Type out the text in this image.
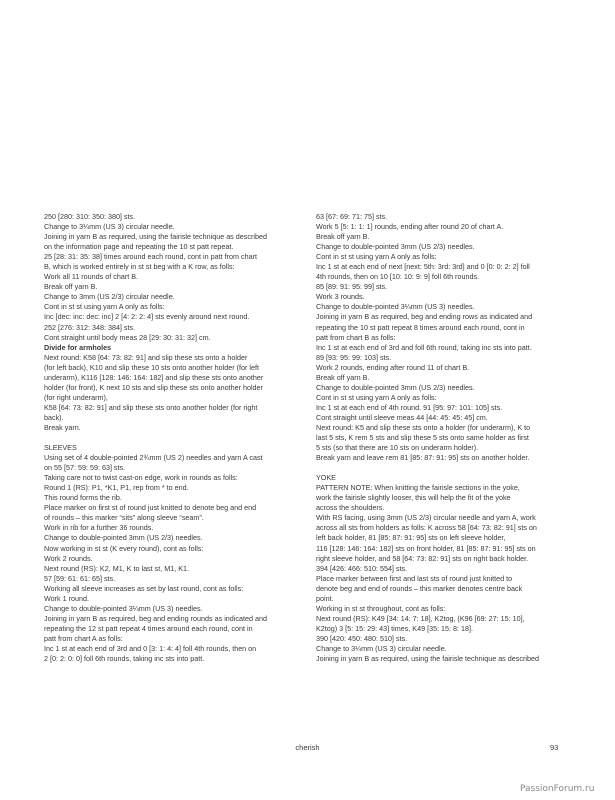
250 [280: 310: 350: 380] sts.
Change to 3¼mm (US 3) circular needle.
Joining in yarn B as required, using the fairisle technique as described
on the information page and repeating the 10 st patt repeat.
25 [28: 31: 35: 38] times around each round, cont in patt from chart
B, which is worked entirely in st st beg with a K row, as folls:
Work all 11 rounds of chart B.
Break off yarn B.
Change to 3mm (US 2/3) circular needle.
Cont in st st using yarn A only as folls:
Inc [dec: inc: dec: inc] 2 [4: 2: 2: 4] sts evenly around next round.
252 [276: 312: 348: 384] sts.
Cont straight until body meas 28 [29: 30: 31: 32] cm.
Divide for armholes
Next round: K58 [64: 73: 82: 91] and slip these sts onto a holder
(for left back), K10 and slip these 10 sts onto another holder (for left
underarm), K116 [128: 146: 164: 182] and slip these sts onto another
holder (for front), K next 10 sts and slip these sts onto another holder
(for right underarm),
K58 [64: 73: 82: 91] and slip these sts onto another holder (for right
back).
Break yarn.
SLEEVES
Using set of 4 double-pointed 2¾mm (US 2) needles and yarn A cast
on 55 [57: 59: 59: 63] sts.
Taking care not to twist cast-on edge, work in rounds as folls:
Round 1 (RS): P1, *K1, P1, rep from * to end.
This round forms the rib.
Place marker on first st of round just knitted to denote beg and end
of rounds – this marker “sits” along sleeve “seam”.
Work in rib for a further 36 rounds.
Change to double-pointed 3mm (US 2/3) needles.
Now working in st st (K every round), cont as folls:
Work 2 rounds.
Next round (RS): K2, M1, K to last st, M1, K1.
57 [59: 61: 61: 65] sts.
Working all sleeve increases as set by last round, cont as folls:
Work 1 round.
Change to double-pointed 3¼mm (US 3) needles.
Joining in yarn B as required, beg and ending rounds as indicated and
repeating the 12 st patt repeat 4 times around each round, cont in
patt from chart A as folls:
Inc 1 st at each end of 3rd and 0 [3: 1: 4: 4] foll 4th rounds, then on
2 [0: 2: 0: 0] foll 6th rounds, taking inc sts into patt.
63 [67: 69: 71: 75] sts.
Work 5 [5: 1: 1: 1] rounds, ending after round 20 of chart A.
Break off yarn B.
Change to double-pointed 3mm (US 2/3) needles.
Cont in st st using yarn A only as folls:
Inc 1 st at each end of next [next: 5th: 3rd: 3rd] and 0 [0: 0: 2: 2] foll
4th rounds, then on 10 [10: 10: 9: 9] foll 6th rounds.
85 [89: 91: 95: 99] sts.
Work 3 rounds.
Change to double-pointed 3¼mm (US 3) needles.
Joining in yarn B as required, beg and ending rows as indicated and
repeating the 10 st patt repeat 8 times around each round, cont in
patt from chart B as folls:
Inc 1 st at each end of 3rd and foll 6th round, taking inc sts into patt.
89 [93: 95: 99: 103] sts.
Work 2 rounds, ending after round 11 of chart B.
Break off yarn B.
Change to double-pointed 3mm (US 2/3) needles.
Cont in st st using yarn A only as folls:
Inc 1 st at each end of 4th round. 91 [95: 97: 101: 105] sts.
Cont straight until sleeve meas 44 [44: 45: 45: 45] cm.
Next round: K5 and slip these sts onto a holder (for underarm), K to
last 5 sts, K rem 5 sts and slip these 5 sts onto same holder as first
5 sts (so that there are 10 sts on underarm holder).
Break yarn and leave rem 81 [85: 87: 91: 95] sts on another holder.
YOKE
PATTERN NOTE: When knitting the fairisle sections in the yoke,
work the fairisle slightly looser, this will help the fit of the yoke
across the shoulders.
With RS facing, using 3mm (US 2/3) circular needle and yarn A, work
across all sts from holders as folls: K across 58 [64: 73: 82: 91] sts on
left back holder, 81 [85: 87: 91: 95] sts on left sleeve holder,
116 [128: 146: 164: 182] sts on front holder, 81 [85: 87: 91: 95] sts on
right sleeve holder, and 58 [64: 73: 82: 91] sts on right back holder.
394 [426: 466: 510: 554] sts.
Place marker between first and last sts of round just knitted to
denote beg and end of rounds – this marker denotes centre back
point.
Working in st st throughout, cont as folls:
Next round (RS): K49 [34: 14: 7: 18], K2tog, (K96 [69: 27: 15: 10],
K2tog) 3 [5: 15: 29: 43] times, K49 [35: 15: 8: 18].
390 [420: 450: 480: 510] sts.
Change to 3¼mm (US 3) circular needle.
Joining in yarn B as required, using the fairisle technique as described
cherish	93
PassionForum.ru
